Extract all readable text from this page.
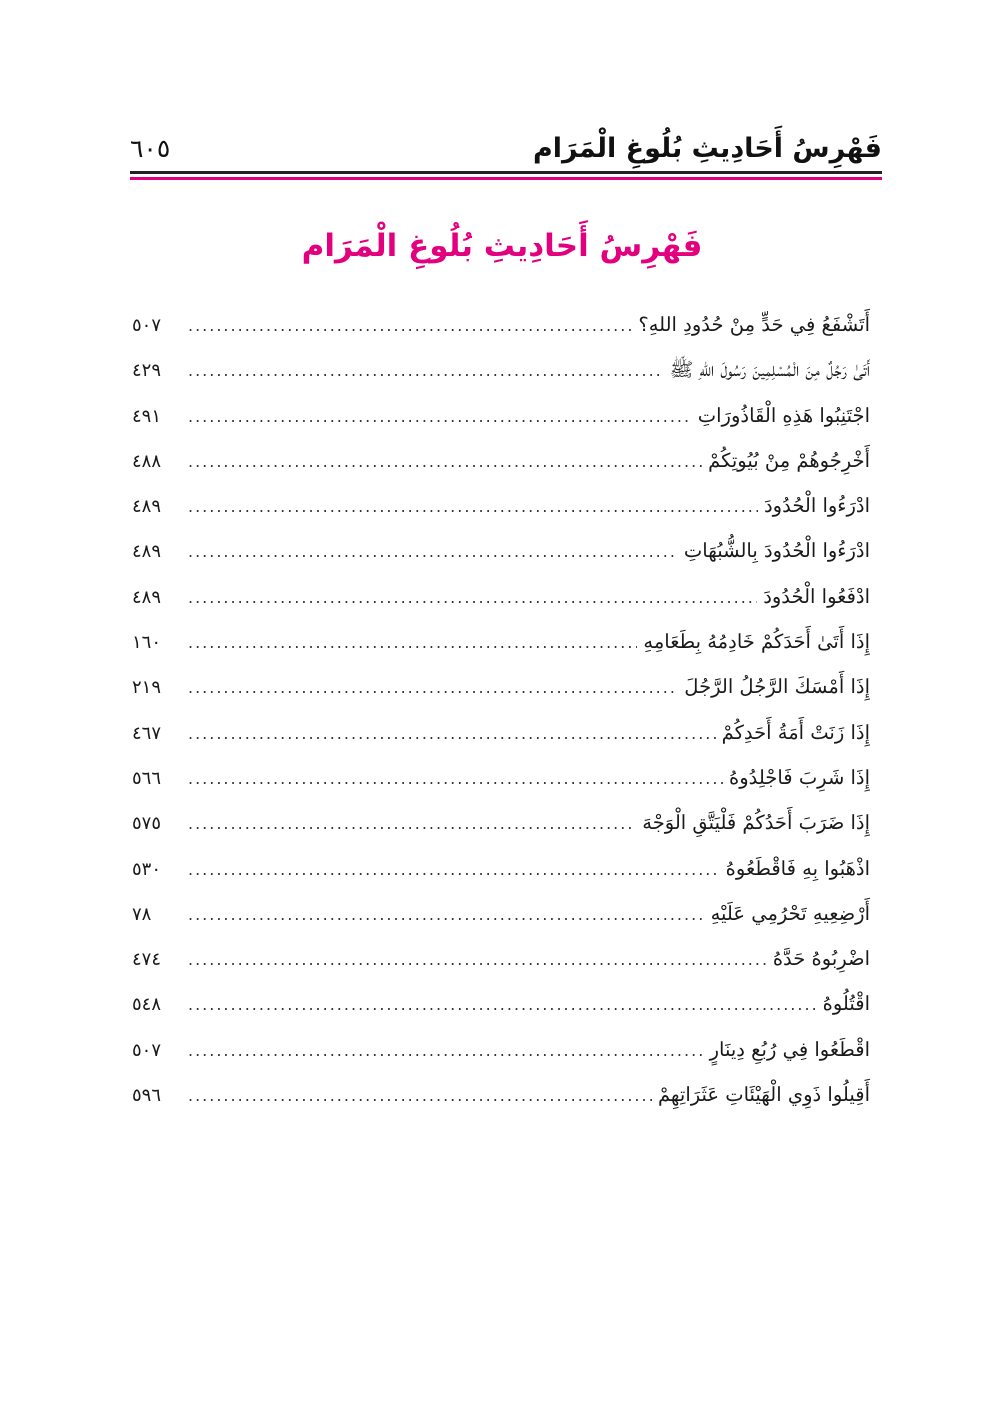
فَهْرِسُ أَحَادِيثِ بُلُوغِ الْمَرَام
٦٠٥
فَهْرِسُ أَحَادِيثِ بُلُوغِ الْمَرَام
أَتَشْفَعُ فِي حَدٍّ مِنْ حُدُودِ اللهِ؟
.....
٥٠٧
أَتَىٰ رَجُلٌ مِنَ الْمُسْلِمِينَ رَسُولَ اللهِ ﷺ
.....
٤٢٩
اجْتَنِبُوا هَذِهِ الْقَاذُورَاتِ
.....
٤٩١
أَخْرِجُوهُمْ مِنْ بُيُوتِكُمْ
.....
٤٨٨
ادْرَءُوا الْحُدُودَ
.....
٤٨٩
ادْرَءُوا الْحُدُودَ بِالشُّبُهَاتِ
.....
٤٨٩
ادْفَعُوا الْحُدُودَ
.....
٤٨٩
إِذَا أَتَىٰ أَحَدَكُمْ خَادِمُهُ بِطَعَامِهِ
.....
١٦٠
إِذَا أَمْسَكَ الرَّجُلُ الرَّجُلَ
.....
٢١٩
إِذَا زَنَتْ أَمَةُ أَحَدِكُمْ
.....
٤٦٧
إِذَا شَرِبَ فَاجْلِدُوهُ
.....
٥٦٦
إِذَا ضَرَبَ أَحَدُكُمْ فَلْيَتَّقِ الْوَجْهَ
.....
٥٧٥
اذْهَبُوا بِهِ فَاقْطَعُوهُ
.....
٥٣٠
أَرْضِعِيهِ تَحْرُمِي عَلَيْهِ
.....
٧٨
اضْرِبُوهُ حَدَّهُ
.....
٤٧٤
اقْتُلُوهُ
.....
٥٤٨
اقْطَعُوا فِي رُبُعِ دِينَارٍ
.....
٥٠٧
أَقِيلُوا ذَوِي الْهَيْئَاتِ عَثَرَاتِهِمْ
.....
٥٩٦
